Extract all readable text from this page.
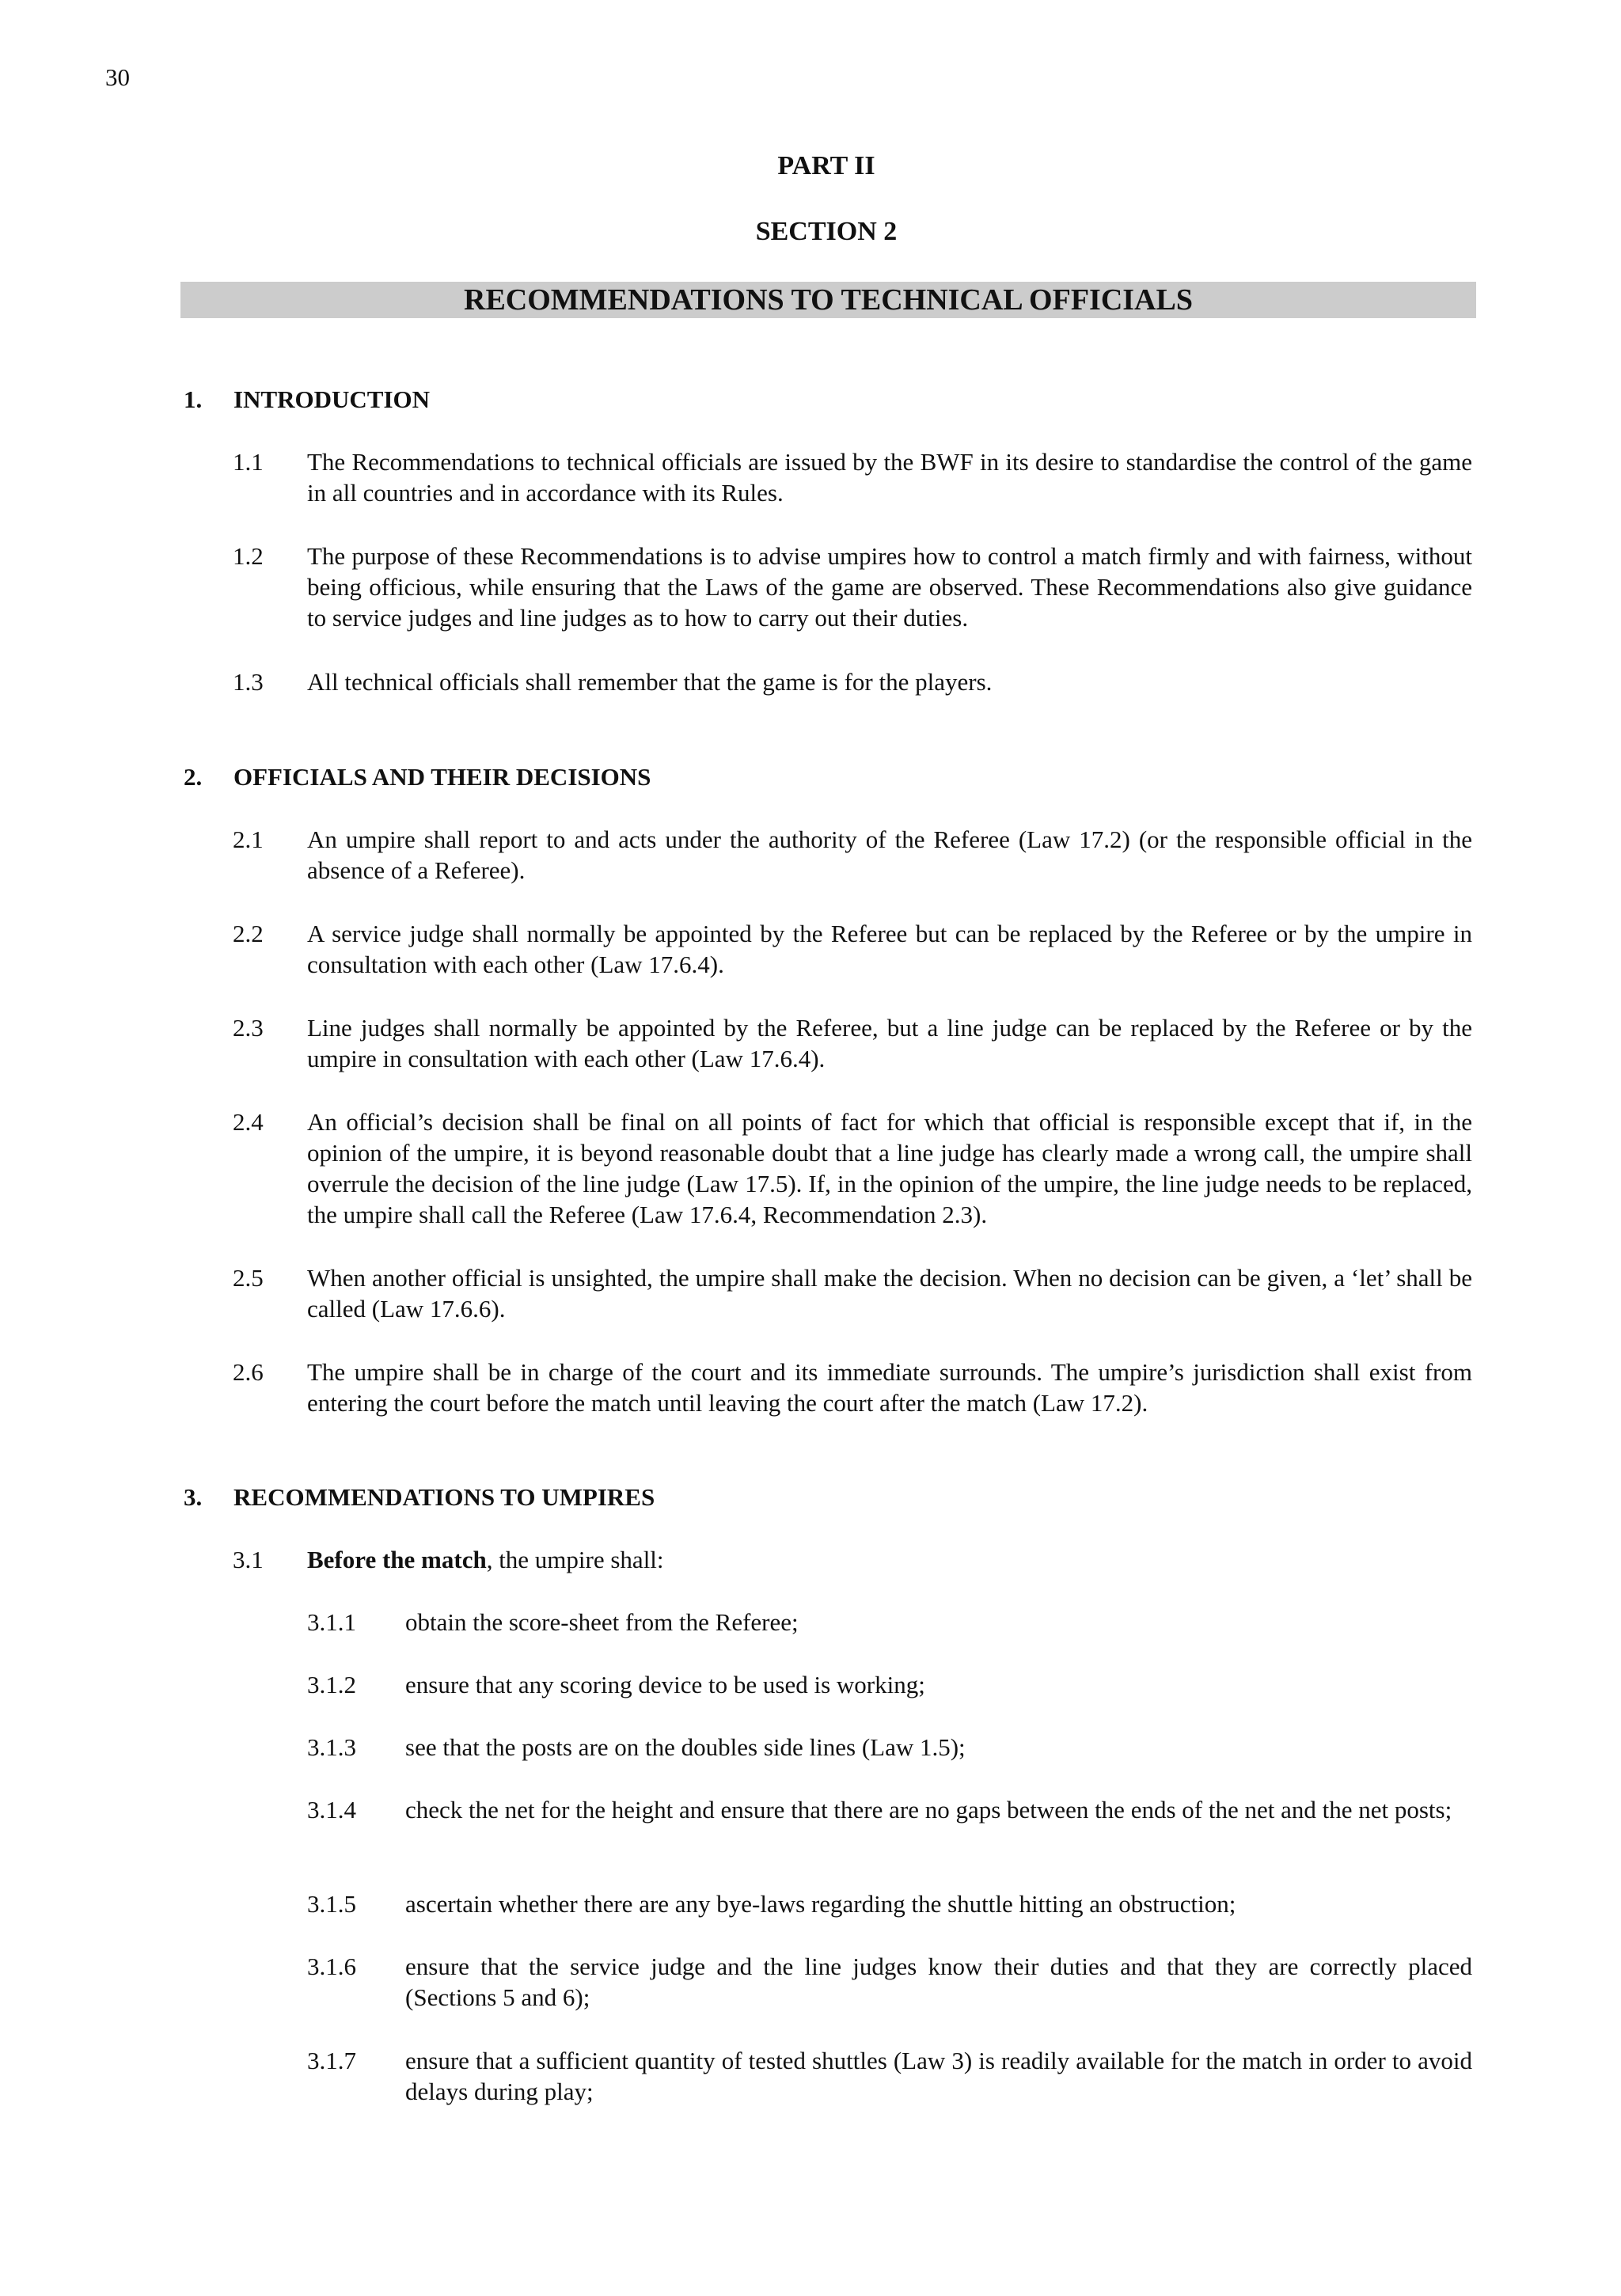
30
PART II
SECTION 2
RECOMMENDATIONS TO TECHNICAL OFFICIALS
1. INTRODUCTION
1.1 The Recommendations to technical officials are issued by the BWF in its desire to standardise the control of the game in all countries and in accordance with its Rules.
1.2 The purpose of these Recommendations is to advise umpires how to control a match firmly and with fairness, without being officious, while ensuring that the Laws of the game are observed. These Recommendations also give guidance to service judges and line judges as to how to carry out their duties.
1.3 All technical officials shall remember that the game is for the players.
2. OFFICIALS AND THEIR DECISIONS
2.1 An umpire shall report to and acts under the authority of the Referee (Law 17.2) (or the responsible official in the absence of a Referee).
2.2 A service judge shall normally be appointed by the Referee but can be replaced by the Referee or by the umpire in consultation with each other (Law 17.6.4).
2.3 Line judges shall normally be appointed by the Referee, but a line judge can be replaced by the Referee or by the umpire in consultation with each other (Law 17.6.4).
2.4 An official’s decision shall be final on all points of fact for which that official is responsible except that if, in the opinion of the umpire, it is beyond reasonable doubt that a line judge has clearly made a wrong call, the umpire shall overrule the decision of the line judge (Law 17.5). If, in the opinion of the umpire, the line judge needs to be replaced, the umpire shall call the Referee (Law 17.6.4, Recommendation 2.3).
2.5 When another official is unsighted, the umpire shall make the decision. When no decision can be given, a ‘let’ shall be called (Law 17.6.6).
2.6 The umpire shall be in charge of the court and its immediate surrounds. The umpire’s jurisdiction shall exist from entering the court before the match until leaving the court after the match (Law 17.2).
3. RECOMMENDATIONS TO UMPIRES
3.1 Before the match, the umpire shall:
3.1.1 obtain the score-sheet from the Referee;
3.1.2 ensure that any scoring device to be used is working;
3.1.3 see that the posts are on the doubles side lines (Law 1.5);
3.1.4 check the net for the height and ensure that there are no gaps between the ends of the net and the net posts;
3.1.5 ascertain whether there are any bye-laws regarding the shuttle hitting an obstruction;
3.1.6 ensure that the service judge and the line judges know their duties and that they are correctly placed (Sections 5 and 6);
3.1.7 ensure that a sufficient quantity of tested shuttles (Law 3) is readily available for the match in order to avoid delays during play;
